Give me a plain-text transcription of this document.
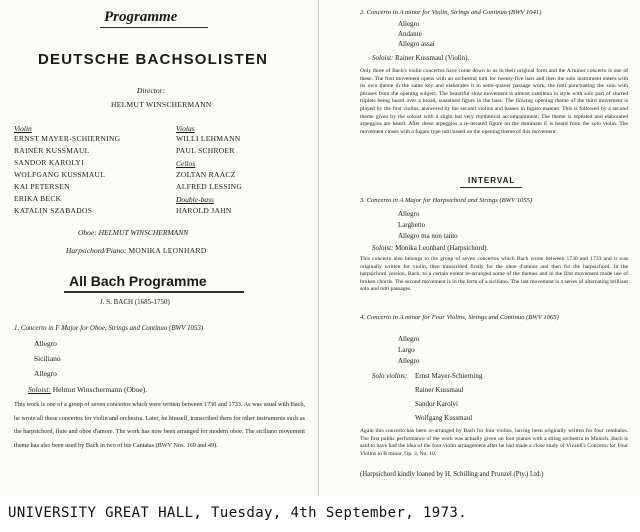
Programme
DEUTSCHE BACHSOLISTEN
Director:
HELMUT WINSCHERMANN
Violin
ERNST MAYER-SCHIERNING
RAINER KUSSMAUL
SANDOR KAROLYI
WOLFGANG KUSSMAUL
KAI PETERSEN
ERIKA BECK
KATALIN SZABADOS
Violas
WILLI LEHMANN
PAUL SCHROER
Cellos
ZOLTAN RAACZ
ALFRED LESSING
Double-bass
HAROLD JAHN
Oboe: HELMUT WINSCHERMANN
Harpsichord/Piano: MONIKA LEONHARD
All Bach Programme
J. S. BACH (1685-1750)
1. Concerto in F Major for Oboe, Strings and Continuo (BWV 1053)
Allegro
Siciliano
Allegro
Soloist: Helmut Winschermann (Oboe).
This work is one of a group of seven concertos which were written between 1730 and 1733. As was usual with Bach, he wrote all these concertos for violin and orchestra. Later, he himself, transcribed them for other instruments such as the harpsichord, flute and oboe d'amore. The work has now been arranged for modern oboe. The siciliano movement theme has also been used by Bach in two of his Cantatas (BWV Nos. 169 and 49).
2. Concerto in A minor for Violin, Strings and Continuo (BWV 1041)
Allegro
Andante
Allegro assai
Soloist: Rainer Kussmaul (Violin).
Only three of Bach's violin concertos have come down to us in their original form and the A minor concerto is one of these. The first movement opens with an orchestral tutti for twenty-five bars and then the solo instrument enters with its own theme in the same key and elaborates it in semi-quaver passage work, the tutti punctuating the solo with phrases from the opening subject. The beautiful slow movement is almost cantilena in style with solo part of slurred triplets being heard over a broad, sustained figure in the bass. The flowing opening theme of the third movement is played by the first violins, answered by the second violins and basses in fugato manner. This is followed by a second theme given by the soloist with a slight but very rhythmical accompaniment. The theme is repeated and elaborated arpeggios are heard. After these arpeggios a re-iterated figure on the dominant E is heard from the solo violin. The movement closes with a fugato type tutti based on the opening theme of this movement.
INTERVAL
3. Concerto in A Major for Harpsichord and Strings (BWV 1055)
Allegro
Larghetto
Allegro ma non tanto
Soloist: Monika Leonhard (Harpsichord).
This concerto also belongs to the group of seven concertos which Bach wrote between 1730 and 1733 and it was originally written for violin, then transcribed firstly for the oboe d'amour and then for the harpsichord. In the harpsichord version, Bach, to a certain extent re-arranged some of the themes and in the first movement made use of broken chords. The second movement is in the form of a siciliano. The last movement is a series of alternating brilliant solo and tutti passages.
4. Concerto in A minor for Four Violins, Strings and Continuo (BWV 1065)
Allegro
Largo
Allegro
Solo violins: Ernst Mayer-Schierning
Rainer Kussmaul
Sandor Karolyi
Wolfgang Kussmaul
Again this concerto has been re-arranged by Bach for four violins, having been originally written for four cembalos. The first public performance of the work was actually given on four pianos with a string orchestra in Munich. Bach is said to have had the idea of the four violin arrangement after he had made a close study of Vivaldi's Concerto for Four Violins in B minor, Op. 3, No. 10.
(Harpsichord kindly loaned by H. Schilling and Prunzel (Pty.) Ltd.)
UNIVERSITY GREAT HALL, Tuesday, 4th September, 1973.
